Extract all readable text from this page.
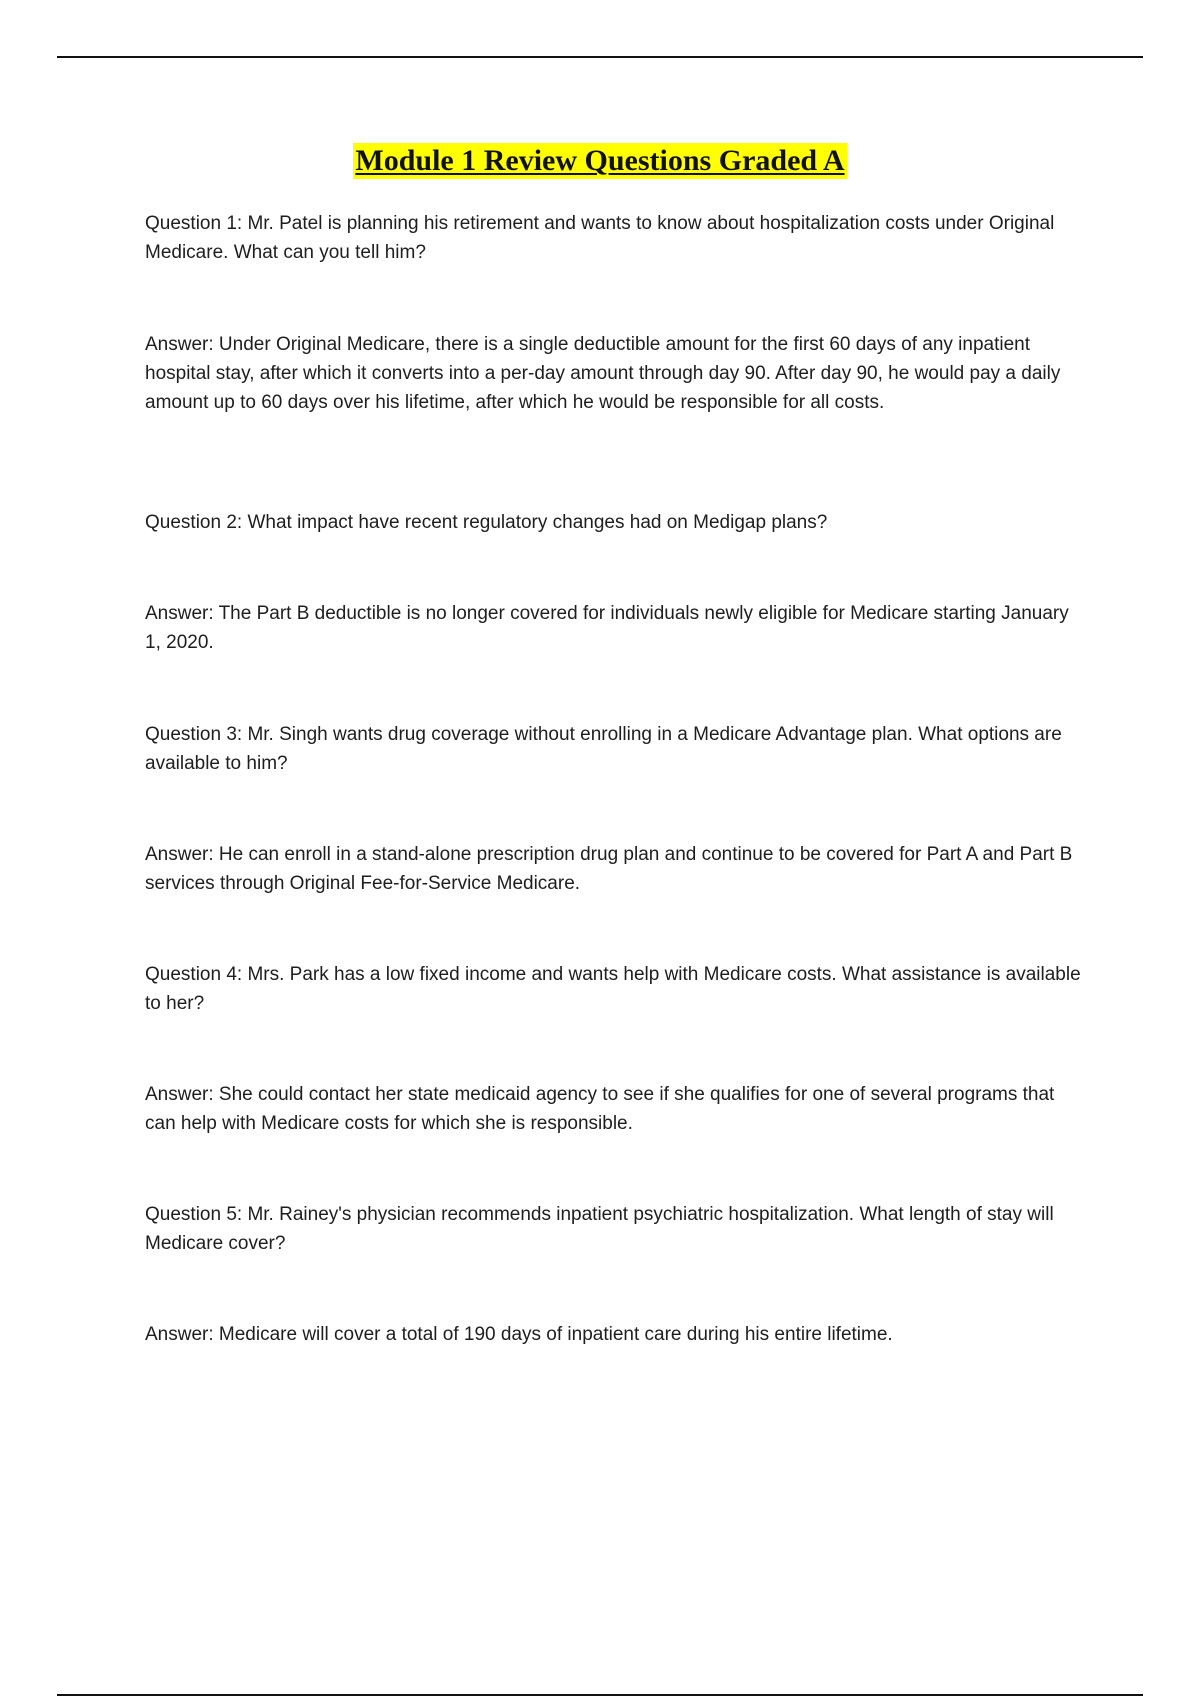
Module 1 Review Questions Graded A

Question 1: Mr. Patel is planning his retirement and wants to know about hospitalization costs under Original Medicare. What can you tell him?

Answer: Under Original Medicare, there is a single deductible amount for the first 60 days of any inpatient hospital stay, after which it converts into a per-day amount through day 90. After day 90, he would pay a daily amount up to 60 days over his lifetime, after which he would be responsible for all costs.

Question 2: What impact have recent regulatory changes had on Medigap plans?

Answer: The Part B deductible is no longer covered for individuals newly eligible for Medicare starting January 1, 2020.

Question 3: Mr. Singh wants drug coverage without enrolling in a Medicare Advantage plan. What options are available to him?

Answer: He can enroll in a stand-alone prescription drug plan and continue to be covered for Part A and Part B services through Original Fee-for-Service Medicare.

Question 4: Mrs. Park has a low fixed income and wants help with Medicare costs. What assistance is available to her?

Answer: She could contact her state medicaid agency to see if she qualifies for one of several programs that can help with Medicare costs for which she is responsible.

Question 5: Mr. Rainey's physician recommends inpatient psychiatric hospitalization. What length of stay will Medicare cover?

Answer: Medicare will cover a total of 190 days of inpatient care during his entire lifetime.
